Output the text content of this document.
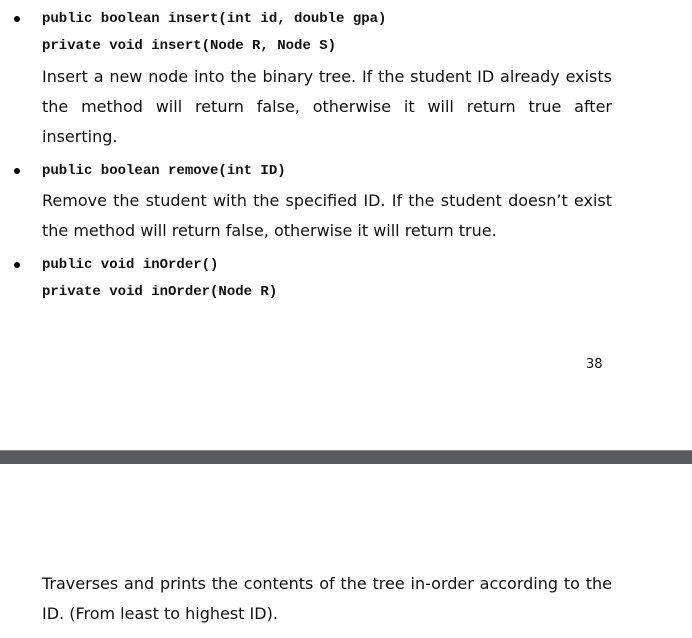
public boolean insert(int id, double gpa)
private void insert(Node R, Node S)

Insert a new node into the binary tree. If the student ID already exists the method will return false, otherwise it will return true after inserting.

public boolean remove(int ID)

Remove the student with the specified ID. If the student doesn’t exist the method will return false, otherwise it will return true.

public void inOrder()
private void inOrder(Node R)
38

Traverses and prints the contents of the tree in-order according to the ID. (From least to highest ID).
